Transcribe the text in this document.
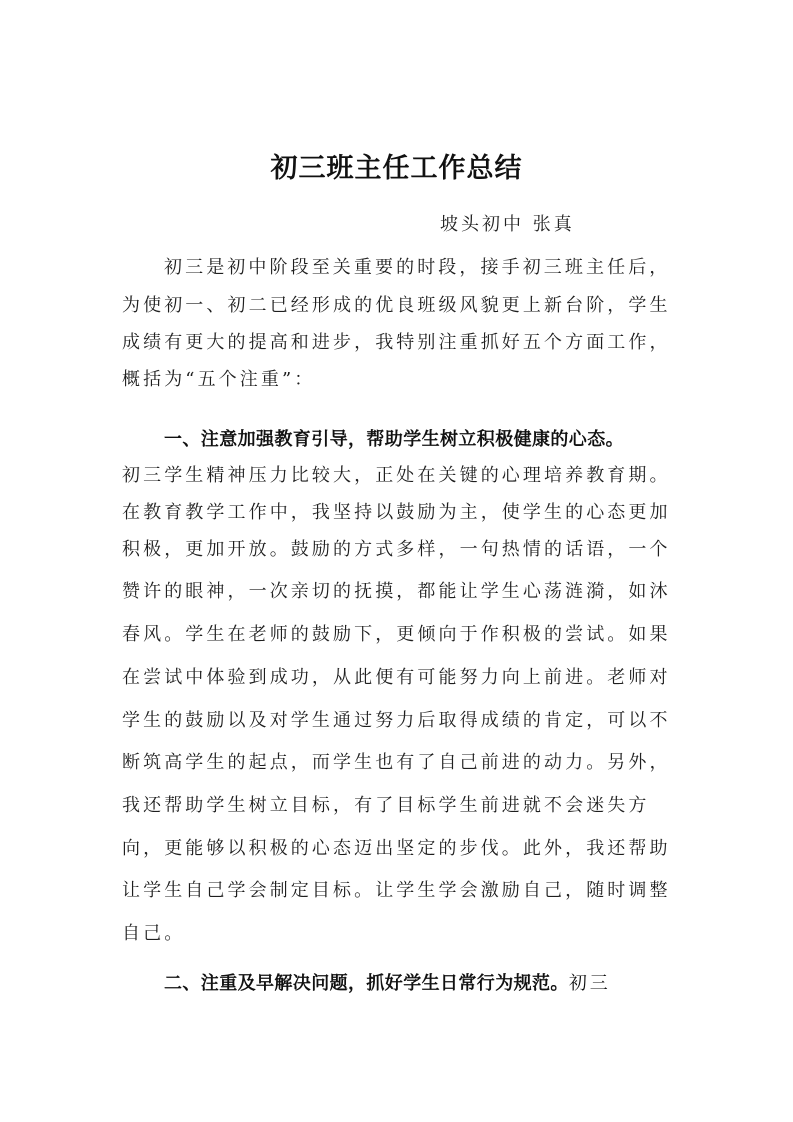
初三班主任工作总结
坡头初中 张真
初三是初中阶段至关重要的时段，接手初三班主任后，
为使初一、初二已经形成的优良班级风貌更上新台阶，学生
成绩有更大的提高和进步，我特别注重抓好五个方面工作，
概括为“五个注重”：
一、注意加强教育引导，帮助学生树立积极健康的心态。
初三学生精神压力比较大，正处在关键的心理培养教育期。
在教育教学工作中，我坚持以鼓励为主，使学生的心态更加
积极，更加开放。鼓励的方式多样，一句热情的话语，一个
赞许的眼神，一次亲切的抚摸，都能让学生心荡涟漪，如沐
春风。学生在老师的鼓励下，更倾向于作积极的尝试。如果
在尝试中体验到成功，从此便有可能努力向上前进。老师对
学生的鼓励以及对学生通过努力后取得成绩的肯定，可以不
断筑高学生的起点，而学生也有了自己前进的动力。另外，
我还帮助学生树立目标，有了目标学生前进就不会迷失方
向，更能够以积极的心态迈出坚定的步伐。此外，我还帮助
让学生自己学会制定目标。让学生学会激励自己，随时调整
自己。
二、注重及早解决问题，抓好学生日常行为规范。初三
